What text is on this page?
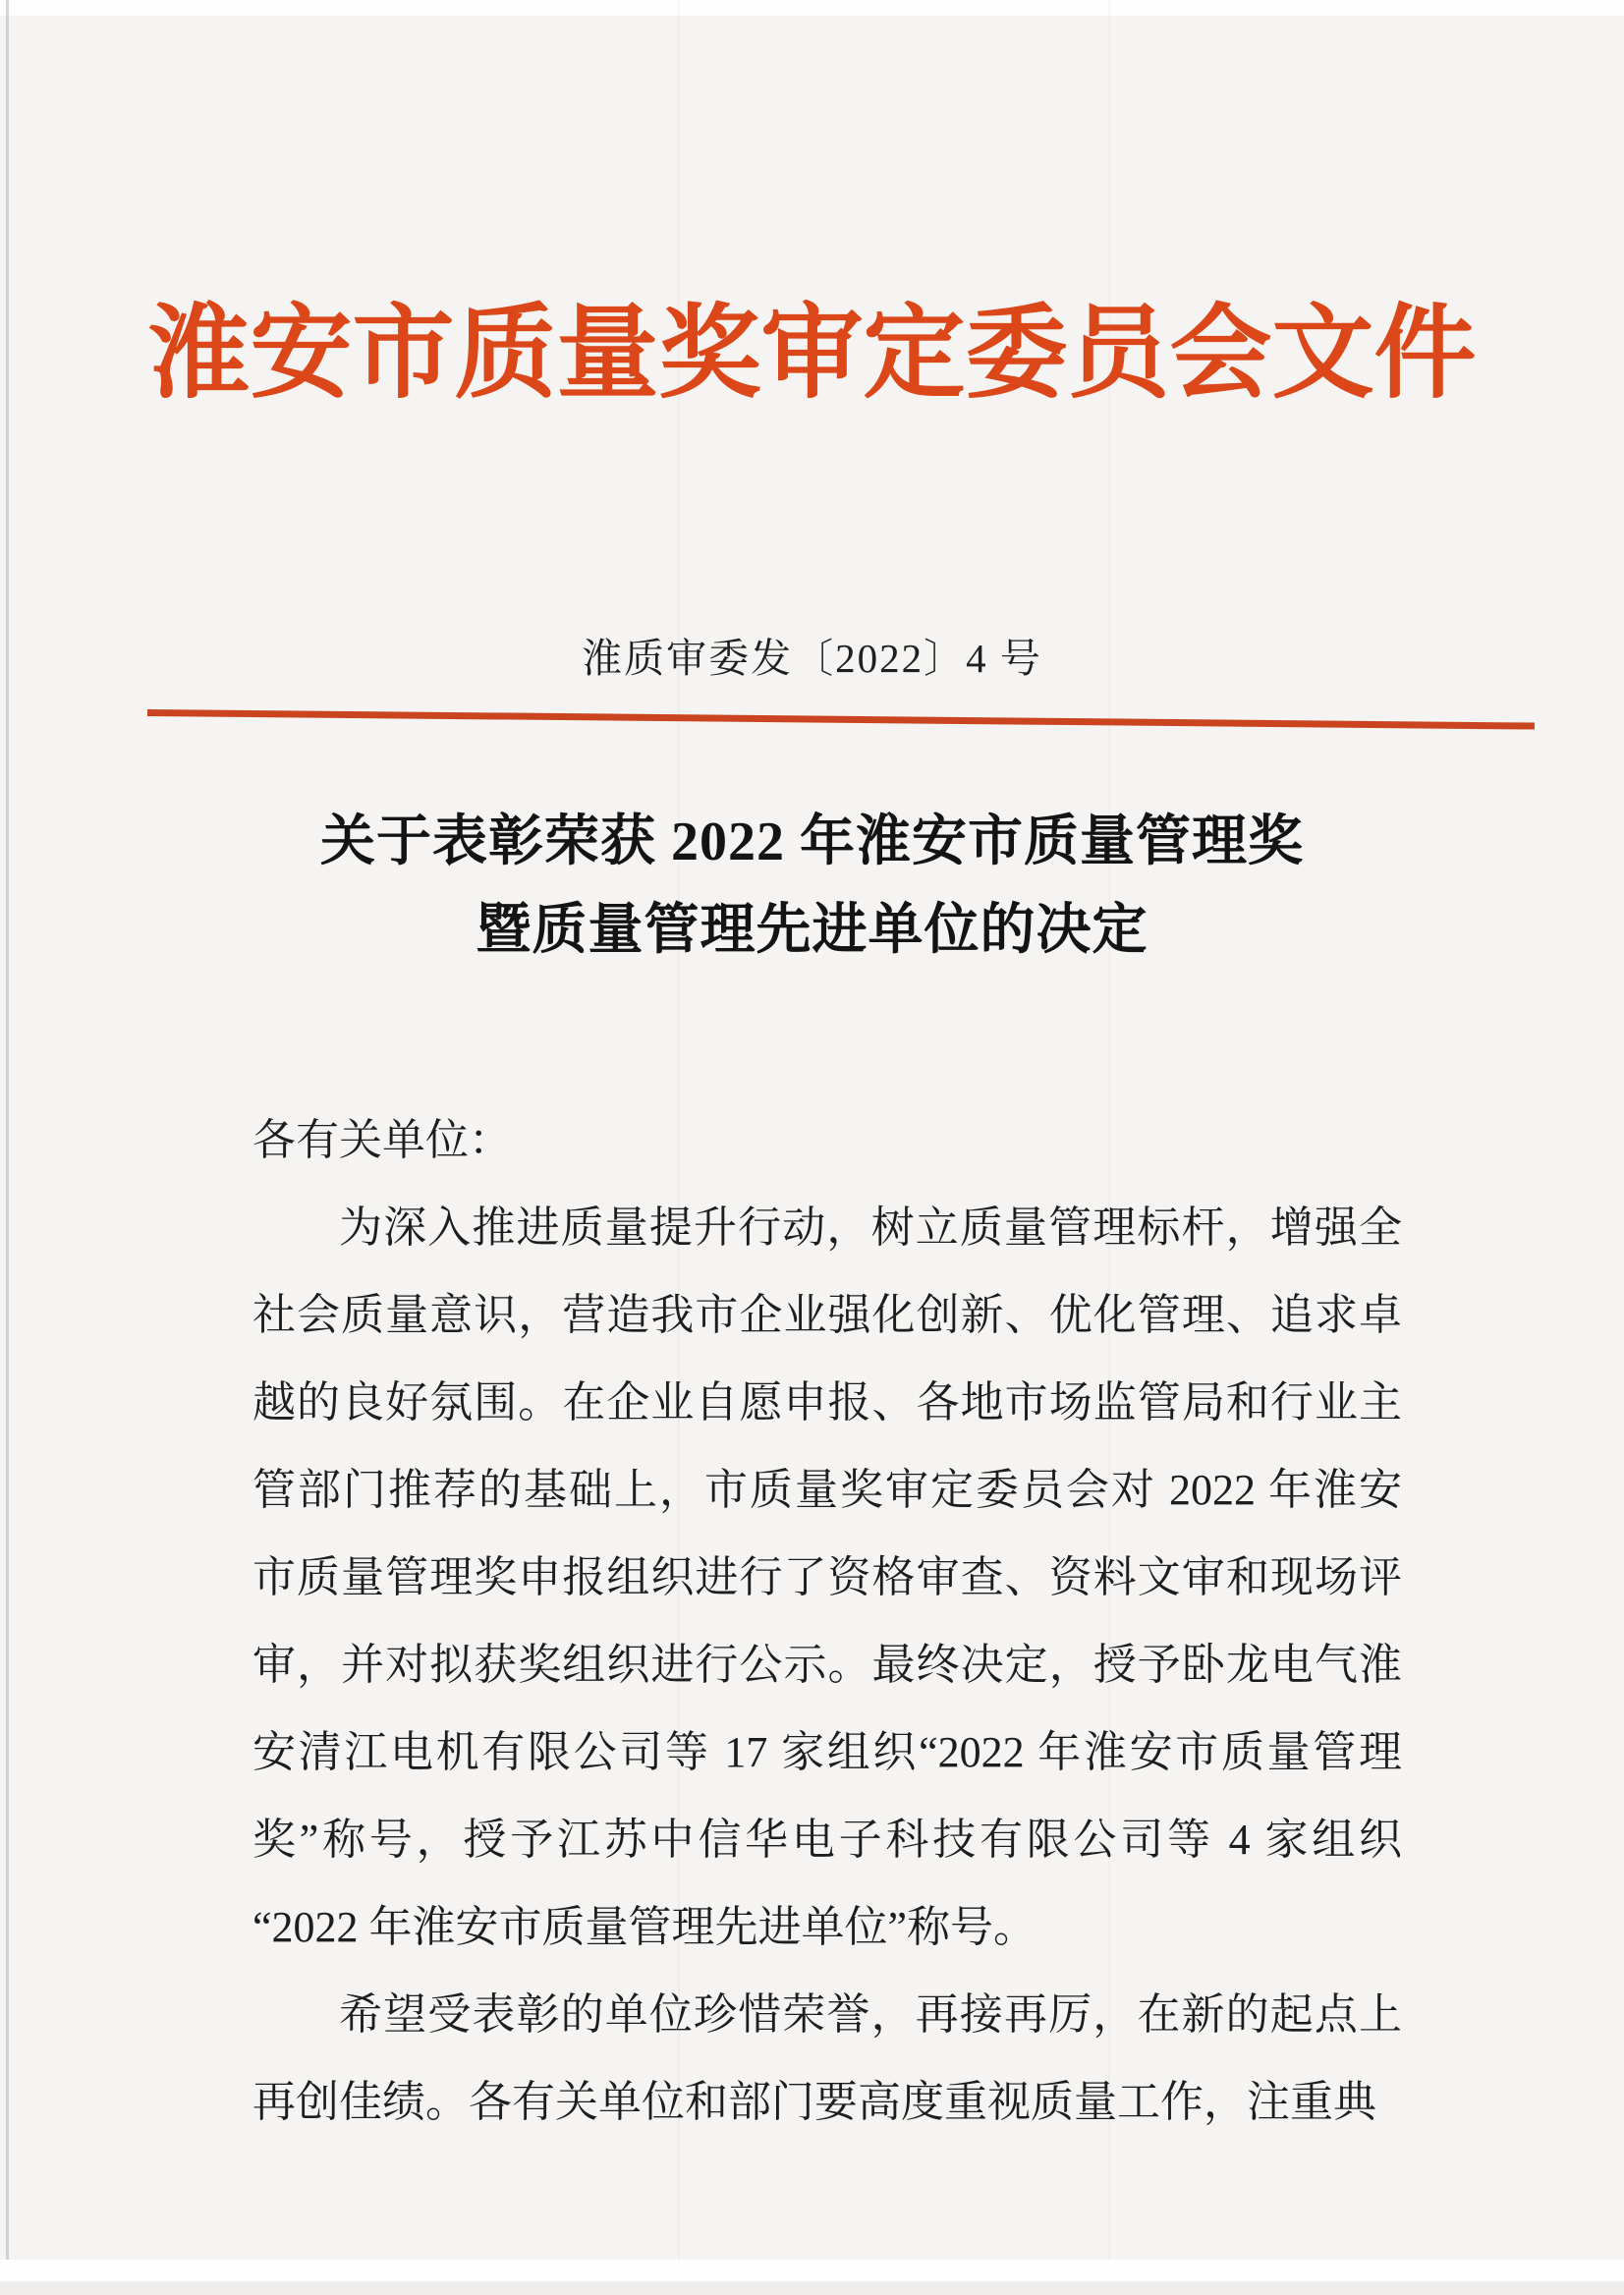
淮安市质量奖审定委员会文件
淮质审委发〔2022〕4 号
关于表彰荣获 2022 年淮安市质量管理奖
暨质量管理先进单位的决定
各有关单位：
为深入推进质量提升行动，树立质量管理标杆，增强全
社会质量意识，营造我市企业强化创新、优化管理、追求卓
越的良好氛围。在企业自愿申报、各地市场监管局和行业主
管部门推荐的基础上，市质量奖审定委员会对 2022 年淮安
市质量管理奖申报组织进行了资格审查、资料文审和现场评
审，并对拟获奖组织进行公示。最终决定，授予卧龙电气淮
安清江电机有限公司等 17 家组织“2022 年淮安市质量管理
奖”称号，授予江苏中信华电子科技有限公司等 4 家组织
“2022 年淮安市质量管理先进单位”称号。
希望受表彰的单位珍惜荣誉，再接再厉，在新的起点上
再创佳绩。各有关单位和部门要高度重视质量工作，注重典
